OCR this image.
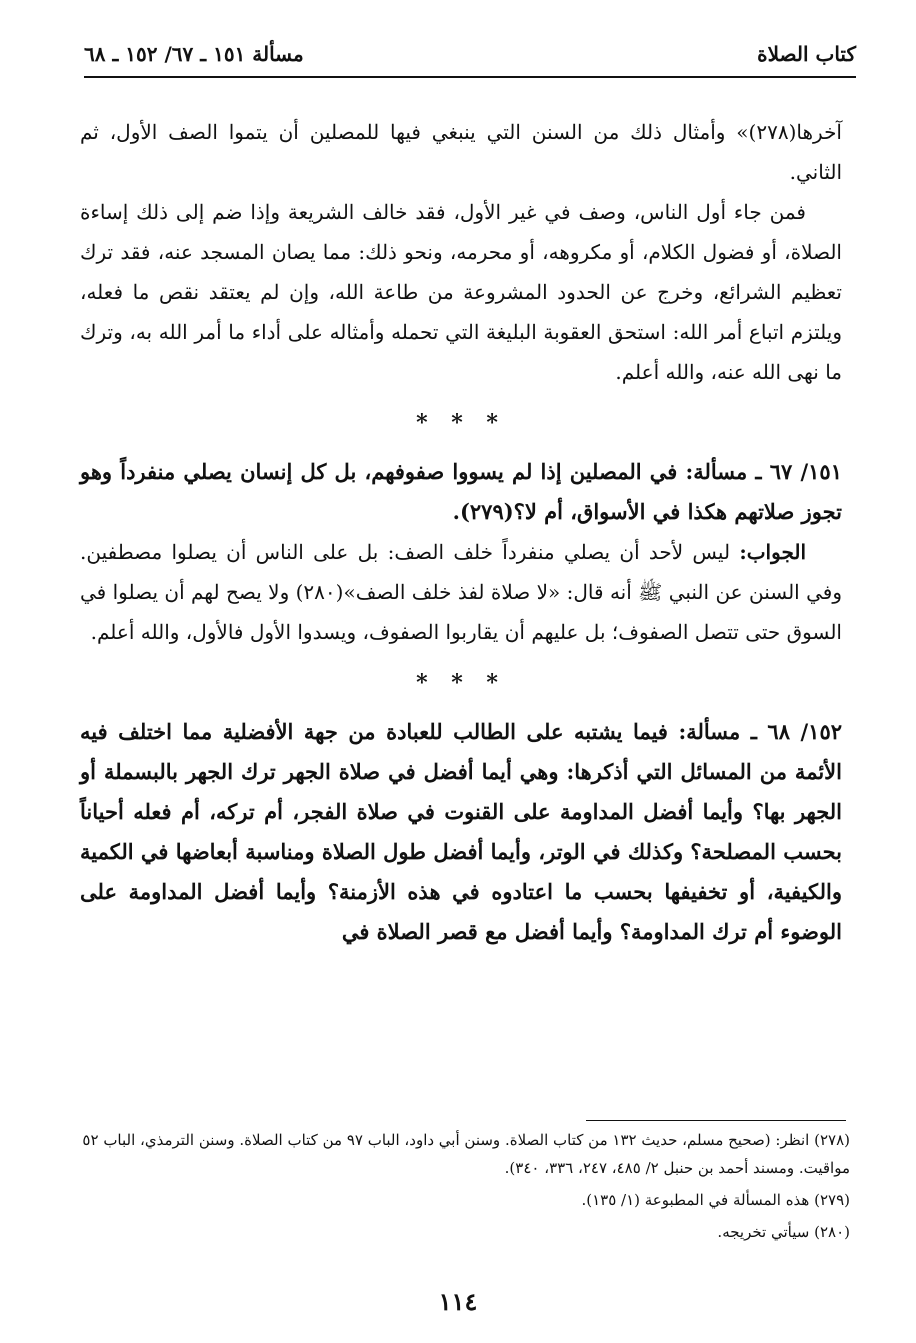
كتاب الصلاة
مسألة ١٥١ ـ ٦٧/ ١٥٢ ـ ٦٨

آخرها(٢٧٨)» وأمثال ذلك من السنن التي ينبغي فيها للمصلين أن يتموا الصف الأول، ثم الثاني.

فمن جاء أول الناس، وصف في غير الأول، فقد خالف الشريعة وإذا ضم إلى ذلك إساءة الصلاة، أو فضول الكلام، أو مكروهه، أو محرمه، ونحو ذلك: مما يصان المسجد عنه، فقد ترك تعظيم الشرائع، وخرج عن الحدود المشروعة من طاعة الله، وإن لم يعتقد نقص ما فعله، ويلتزم اتباع أمر الله: استحق العقوبة البليغة التي تحمله وأمثاله على أداء ما أمر الله به، وترك ما نهى الله عنه، والله أعلم.

* * *

١٥١/ ٦٧ ـ مسألة: في المصلين إذا لم يسووا صفوفهم، بل كل إنسان يصلي منفرداً وهو تجوز صلاتهم هكذا في الأسواق، أم لا؟(٢٧٩).

الجواب: ليس لأحد أن يصلي منفرداً خلف الصف: بل على الناس أن يصلوا مصطفين. وفي السنن عن النبي ﷺ أنه قال: «لا صلاة لفذ خلف الصف»(٢٨٠) ولا يصح لهم أن يصلوا في السوق حتى تتصل الصفوف؛ بل عليهم أن يقاربوا الصفوف، ويسدوا الأول فالأول، والله أعلم.

* * *

١٥٢/ ٦٨ ـ مسألة: فيما يشتبه على الطالب للعبادة من جهة الأفضلية مما اختلف فيه الأئمة من المسائل التي أذكرها: وهي أيما أفضل في صلاة الجهر ترك الجهر بالبسملة أو الجهر بها؟ وأيما أفضل المداومة على القنوت في صلاة الفجر، أم تركه، أم فعله أحياناً بحسب المصلحة؟ وكذلك في الوتر، وأيما أفضل طول الصلاة ومناسبة أبعاضها في الكمية والكيفية، أو تخفيفها بحسب ما اعتادوه في هذه الأزمنة؟ وأيما أفضل المداومة على الوضوء أم ترك المداومة؟ وأيما أفضل مع قصر الصلاة في

(٢٧٨) انظر: (صحيح مسلم، حديث ١٣٢ من كتاب الصلاة. وسنن أبي داود، الباب ٩٧ من كتاب الصلاة. وسنن الترمذي، الباب ٥٢ مواقيت. ومسند أحمد بن حنبل ٢/ ٤٨٥، ٢٤٧، ٣٣٦، ٣٤٠).

(٢٧٩) هذه المسألة في المطبوعة (١/ ١٣٥).

(٢٨٠) سيأتي تخريجه.

١١٤
